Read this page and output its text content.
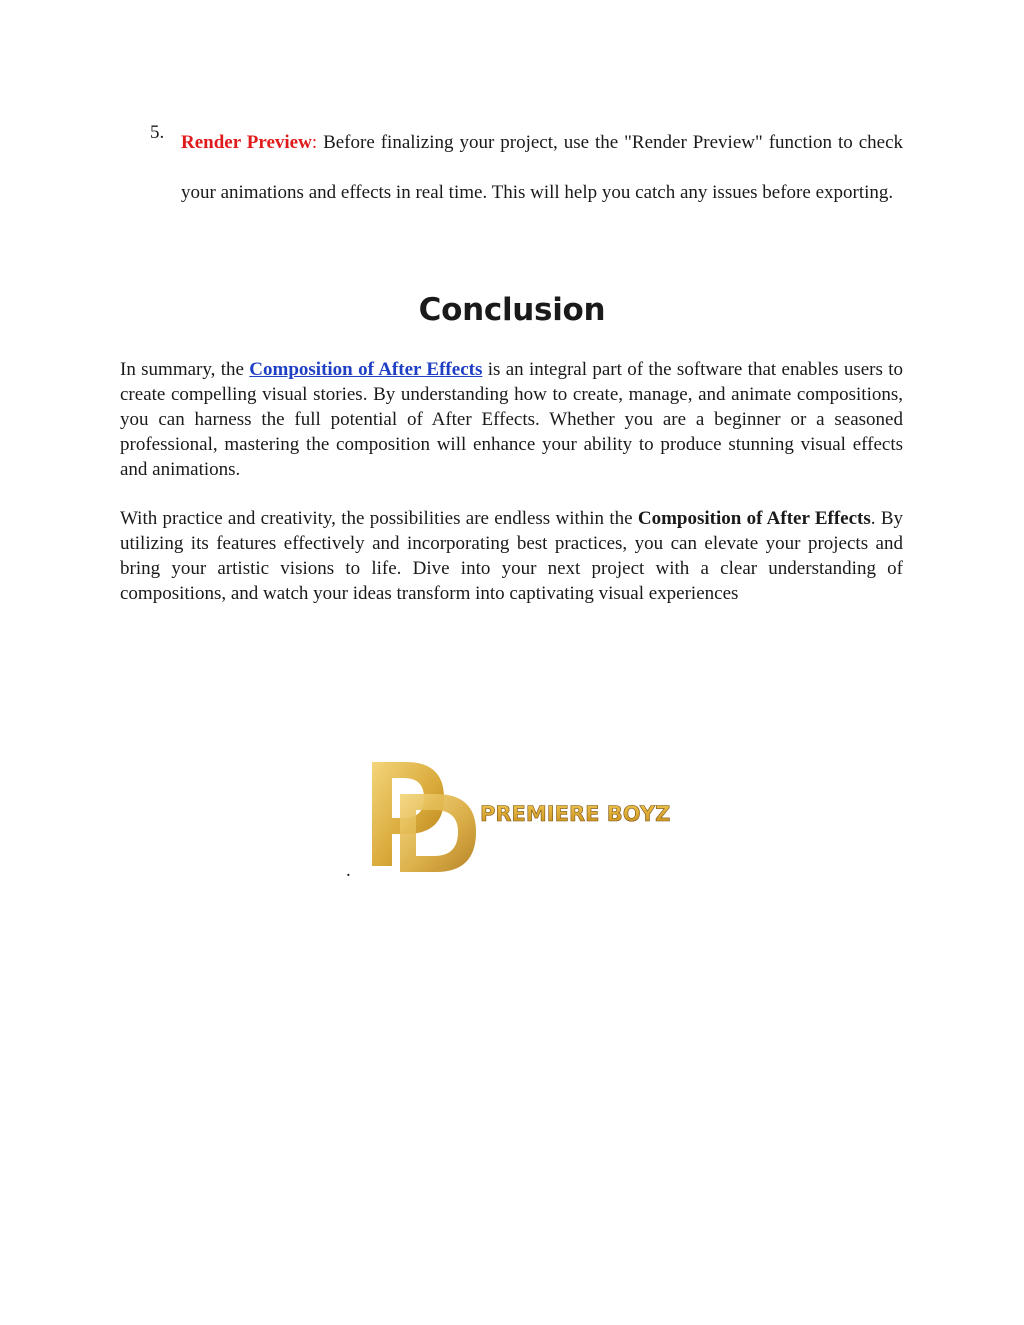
5. Render Preview: Before finalizing your project, use the "Render Preview" function to check your animations and effects in real time. This will help you catch any issues before exporting.
Conclusion

In summary, the Composition of After Effects is an integral part of the software that enables users to create compelling visual stories. By understanding how to create, manage, and animate compositions, you can harness the full potential of After Effects. Whether you are a beginner or a seasoned professional, mastering the composition will enhance your ability to produce stunning visual effects and animations.

With practice and creativity, the possibilities are endless within the Composition of After Effects. By utilizing its features effectively and incorporating best practices, you can elevate your projects and bring your artistic visions to life. Dive into your next project with a clear understanding of compositions, and watch your ideas transform into captivating visual experiences

PREMIERE BOYZ
.
